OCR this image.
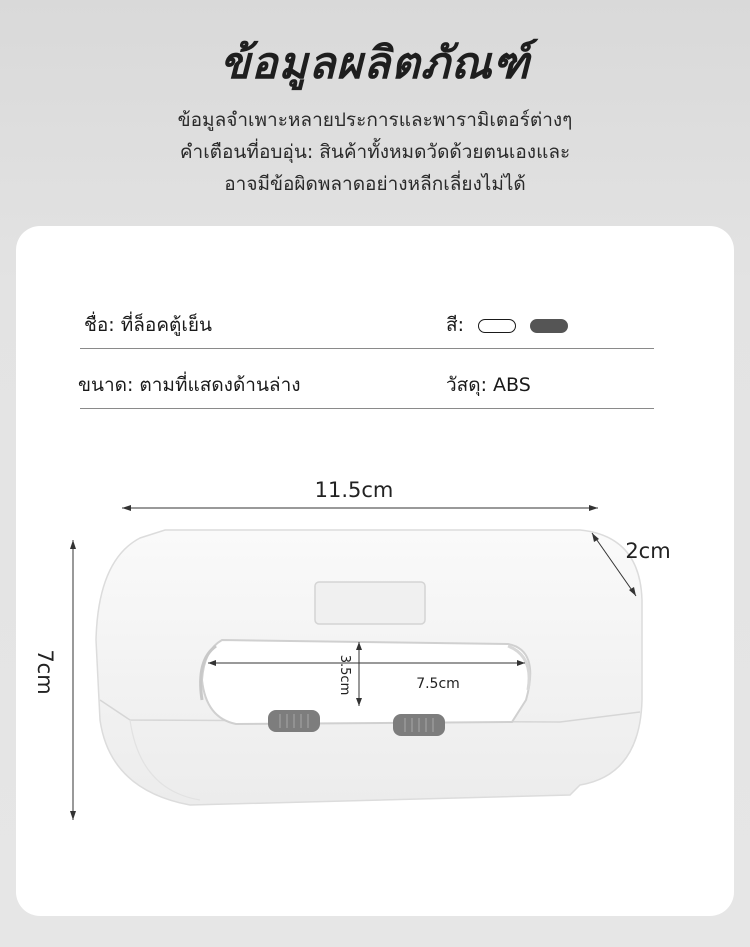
ข้อมูลผลิตภัณฑ์
ข้อมูลจำเพาะหลายประการและพารามิเตอร์ต่างๆ
คำเตือนที่อบอุ่น: สินค้าทั้งหมดวัดด้วยตนเองและ
อาจมีข้อผิดพลาดอย่างหลีกเลี่ยงไม่ได้
ชื่อ: ที่ล็อคตู้เย็น	สี:
ขนาด: ตามที่แสดงด้านล่าง	วัสดุ: ABS
11.5cm
2cm
7cm	3.5cm	7.5cm
